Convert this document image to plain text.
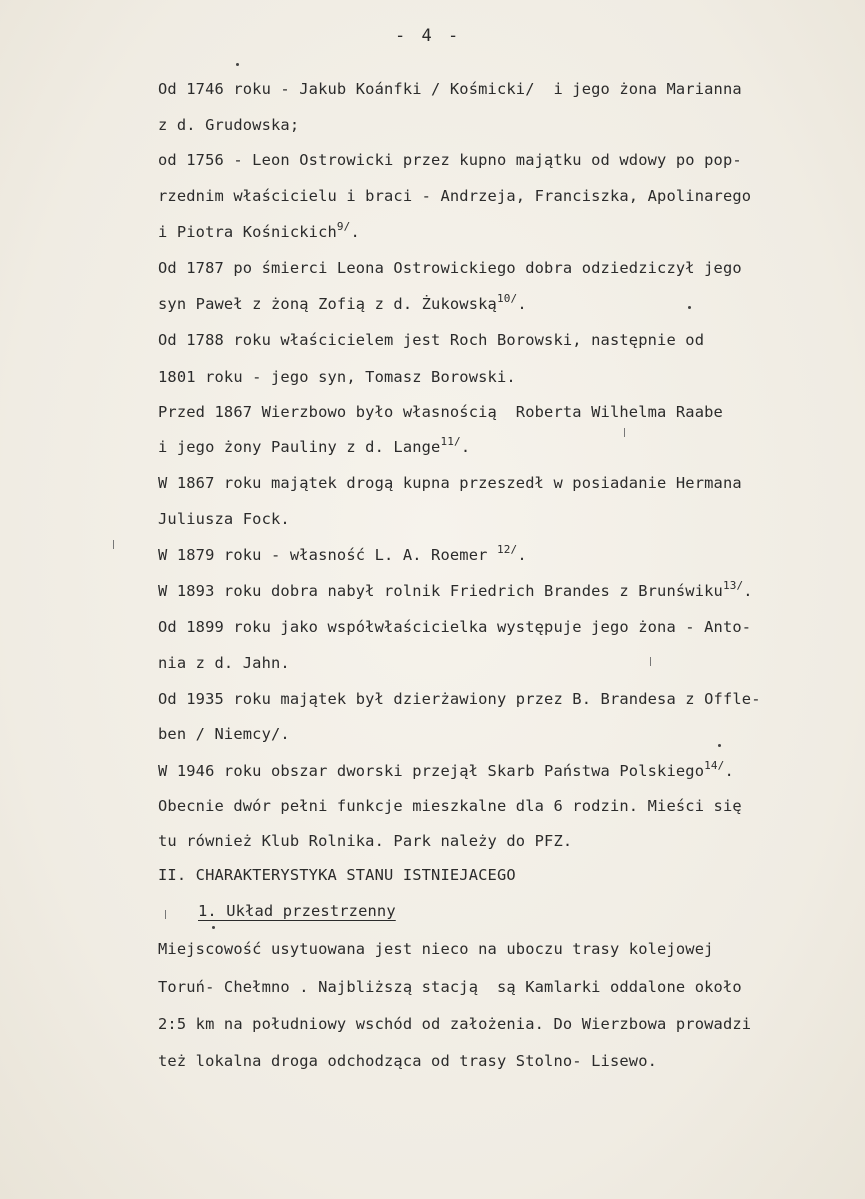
- 4 -
Od 1746 roku - Jakub Koánfki / Kośmicki/  i jego żona Marianna
z d. Grudowska;
od 1756 - Leon Ostrowicki przez kupno majątku od wdowy po pop-
rzednim właścicielu i braci - Andrzeja, Franciszka, Apolinarego
i Piotra Kośnickich$^{9/}$.
Od 1787 po śmierci Leona Ostrowickiego dobra odziedziczył jego
syn Paweł z żoną Zofią z d. Żukowską$^{10/}$.
Od 1788 roku właścicielem jest Roch Borowski, następnie od
1801 roku - jego syn, Tomasz Borowski.
Przed 1867 Wierzbowo było własnością  Roberta Wilhelma Raabe
i jego żony Pauliny z d. Lange$^{11/}$.
W 1867 roku majątek drogą kupna przeszedł w posiadanie Hermana
Juliusza Fock.
W 1879 roku - własność L. A. Roemer $^{12/}$.
W 1893 roku dobra nabył rolnik Friedrich Brandes z Brunświku$^{13/}$.
Od 1899 roku jako współwłaścicielka występuje jego żona - Anto-
nia z d. Jahn.
Od 1935 roku majątek był dzierżawiony przez B. Brandesa z Offle-
ben / Niemcy/.
W 1946 roku obszar dworski przejął Skarb Państwa Polskiego$^{14/}$.
Obecnie dwór pełni funkcje mieszkalne dla 6 rodzin. Mieści się
tu również Klub Rolnika. Park należy do PFZ.
II. CHARAKTERYSTYKA STANU ISTNIEJACEGO
1. Układ przestrzenny
Miejscowość usytuowana jest nieco na uboczu trasy kolejowej
Toruń- Chełmno . Najbliższą stacją  są Kamlarki oddalone około
2:5 km na południowy wschód od założenia. Do Wierzbowa prowadzi
też lokalna droga odchodząca od trasy Stolno- Lisewo.
